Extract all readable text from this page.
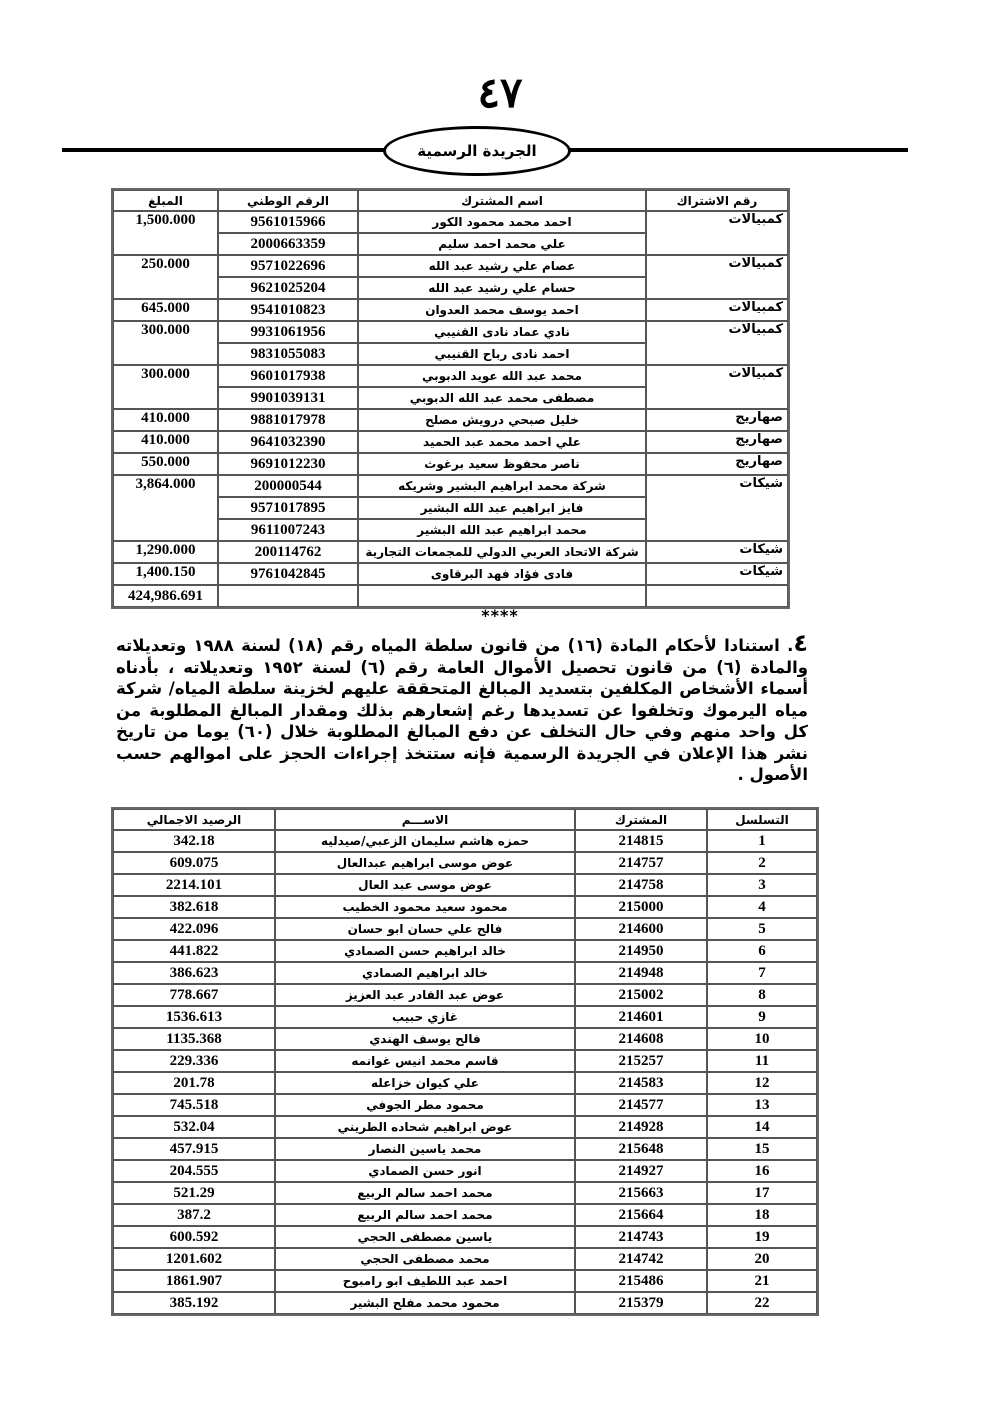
٤٧
الجريدة الرسمية
رقم الاشتراك	اسم المشترك	الرقم الوطني	المبلغ
كمبيالات	احمد محمد محمود الكور	9561015966	1,500.000
	علي محمد احمد سليم	2000663359	
كمبيالات	عصام علي رشيد عبد الله	9571022696	250.000
	حسام علي رشيد عبد الله	9621025204	
كمبيالات	احمد يوسف محمد العدوان	9541010823	645.000
كمبيالات	نادي عماد نادى القنيبي	9931061956	300.000
	احمد نادى رباح القنيبي	9831055083	
كمبيالات	محمد عبد الله عويد الدبوبي	9601017938	300.000
	مصطفى محمد عبد الله الدبوبي	9901039131	
صهاريج	خليل صبحي درويش مصلح	9881017978	410.000
صهاريج	علي احمد محمد عبد الحميد	9641032390	410.000
صهاريج	ناصر محفوظ سعيد برغوث	9691012230	550.000
شيكات	شركة محمد ابراهيم البشير وشريكه	200000544	3,864.000
	فايز ابراهيم عبد الله البشير	9571017895	
	محمد ابراهيم عبد الله البشير	9611007243	
شيكات	شركة الاتحاد العربي الدولي للمجمعات التجارية	200114762	1,290.000
شيكات	فادى فؤاد فهد البرقاوى	9761042845	1,400.150
			424,986.691
****
٤. استنادا لأحكام المادة (١٦) من قانون سلطة المياه رقم (١٨) لسنة ١٩٨٨ وتعديلاته والمادة (٦) من قانون تحصيل الأموال العامة رقم (٦) لسنة ١٩٥٢ وتعديلاته ، بأدناه أسماء الأشخاص المكلفين بتسديد المبالغ المتحققة عليهم لخزينة سلطة المياه/ شركة مياه اليرموك وتخلفوا عن تسديدها رغم إشعارهم بذلك ومقدار المبالغ المطلوبة من كل واحد منهم وفي حال التخلف عن دفع المبالغ المطلوبة خلال (٦٠) يوما من تاريخ نشر هذا الإعلان في الجريدة الرسمية فإنه ستتخذ إجراءات الحجز على اموالهم حسب الأصول .
التسلسل	المشترك	الاســـم	الرصيد الاجمالي
1	214815	حمزه هاشم سليمان الزعبي/صيدليه	342.18
2	214757	عوض موسى ابراهيم عبدالعال	609.075
3	214758	عوض موسى عبد العال	2214.101
4	215000	محمود سعيد محمود الخطيب	382.618
5	214600	فالح علي حسان ابو حسان	422.096
6	214950	خالد ابراهيم حسن الصمادي	441.822
7	214948	خالد ابراهيم الصمادي	386.623
8	215002	عوض عبد القادر عبد العزيز	778.667
9	214601	غازي حبيب	1536.613
10	214608	فالح يوسف الهندي	1135.368
11	215257	قاسم محمد انيس غوانمه	229.336
12	214583	علي كيوان خزاعله	201.78
13	214577	محمود مطر الجوفي	745.518
14	214928	عوض ابراهيم شحاده الطريني	532.04
15	215648	محمد ياسين النصار	457.915
16	214927	انور حسن الصمادي	204.555
17	215663	محمد احمد سالم الربيع	521.29
18	215664	محمد احمد سالم الربيع	387.2
19	214743	ياسين مصطفى الحجي	600.592
20	214742	محمد مصطفى الحجي	1201.602
21	215486	احمد عبد اللطيف ابو رامبوح	1861.907
22	215379	محمود محمد مفلح البشير	385.192
